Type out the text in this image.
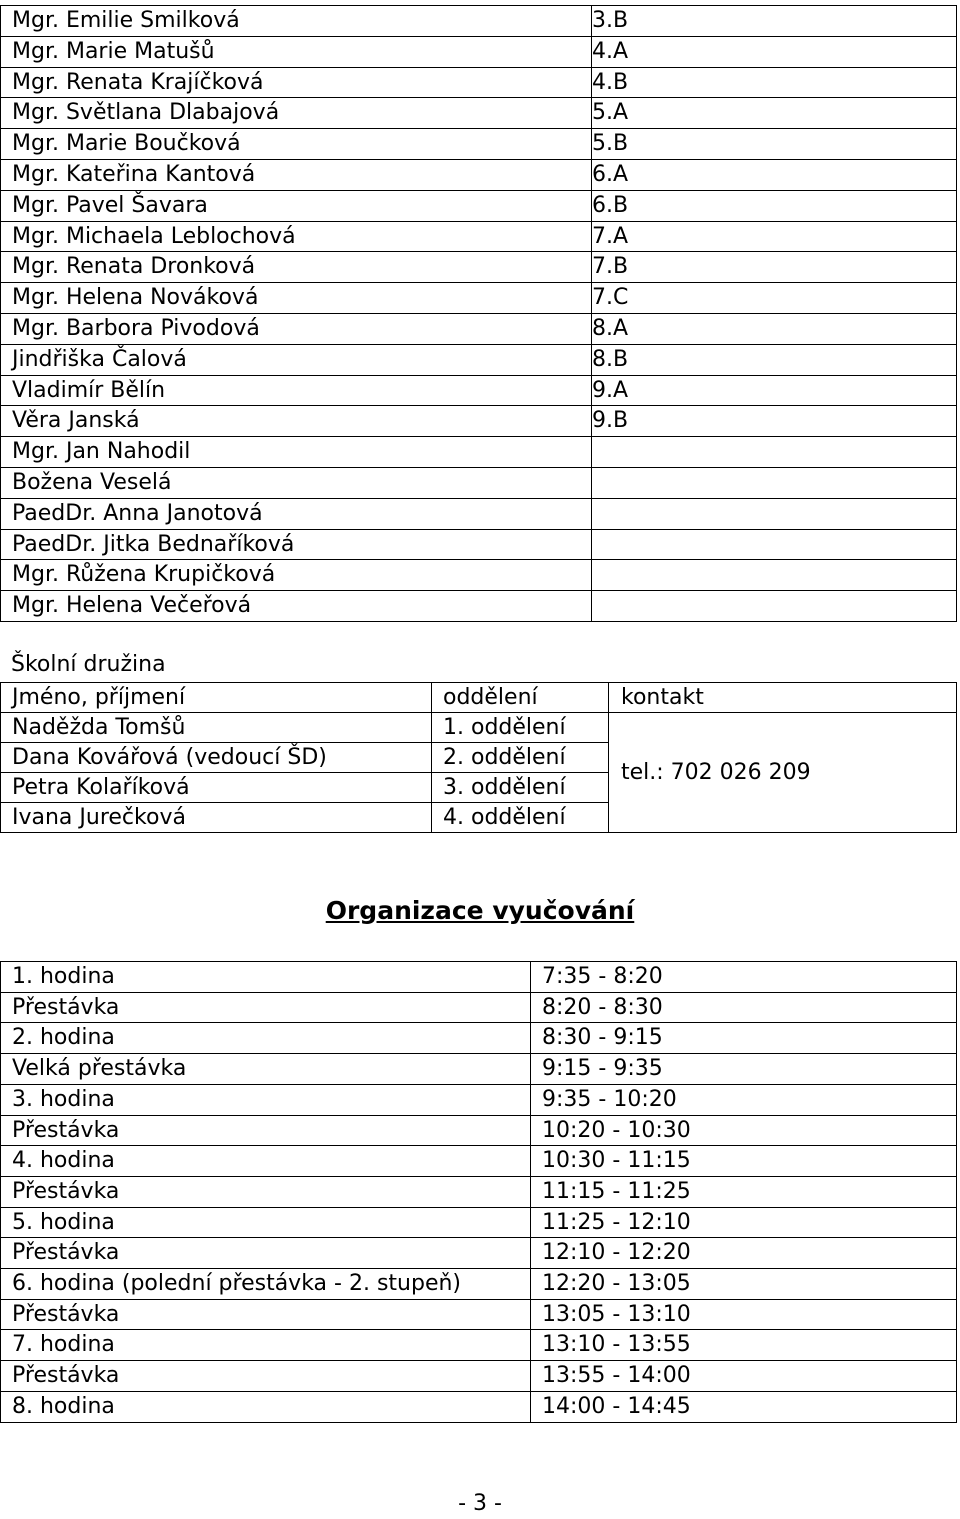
Mgr. Emilie Smilková	3.B
Mgr. Marie Matušů	4.A
Mgr. Renata Krajíčková	4.B
Mgr. Světlana Dlabajová	5.A
Mgr. Marie Boučková	5.B
Mgr. Kateřina Kantová	6.A
Mgr. Pavel Šavara	6.B
Mgr. Michaela Leblochová	7.A
Mgr. Renata Dronková	7.B
Mgr. Helena Nováková	7.C
Mgr. Barbora Pivodová	8.A
Jindřiška Čalová	8.B
Vladimír Bělín	9.A
Věra Janská	9.B
Mgr. Jan Nahodil	
Božena Veselá	
PaedDr. Anna Janotová	
PaedDr. Jitka Bednaříková	
Mgr. Růžena Krupičková	
Mgr. Helena Večeřová	
Školní družina
Jméno, příjmení	oddělení	kontakt
Naděžda Tomšů	1. oddělení	tel.: 702 026 209
Dana Kovářová (vedoucí ŠD)	2. oddělení	
Petra Kolaříková	3. oddělení	
Ivana Jurečková	4. oddělení	
Organizace vyučování
1. hodina	7:35 - 8:20
Přestávka	8:20 - 8:30
2. hodina	8:30 - 9:15
Velká přestávka	9:15 - 9:35
3. hodina	9:35 - 10:20
Přestávka	10:20 - 10:30
4. hodina	10:30 - 11:15
Přestávka	11:15 - 11:25
5. hodina	11:25 - 12:10
Přestávka	12:10 - 12:20
6. hodina (polední přestávka - 2. stupeň)	12:20 - 13:05
Přestávka	13:05 - 13:10
7. hodina	13:10 - 13:55
Přestávka	13:55 - 14:00
8. hodina	14:00 - 14:45
- 3 -
